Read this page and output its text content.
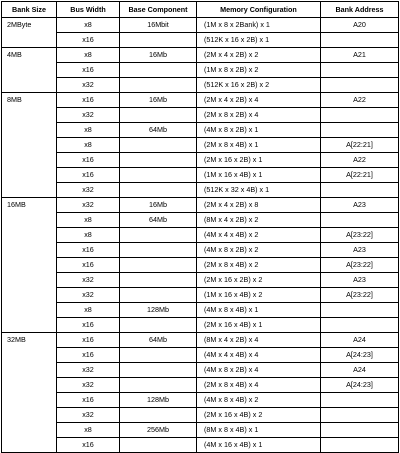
Bank Size	Bus Width	Base Component	Memory Configuration	Bank Address
2MByte	x8	16Mbit	(1M x 8 x 2Bank) x 1	A20
	x16		(512K x 16 x 2B) x 1	
4MB	x8	16Mb	(2M x 4 x 2B) x 2	A21
	x16		(1M x 8 x 2B) x 2	
	x32		(512K x 16 x 2B) x 2	
8MB	x16	16Mb	(2M x 4 x 2B) x 4	A22
	x32		(2M x 8 x 2B) x 4	
	x8	64Mb	(4M x 8 x 2B) x 1	
	x8		(2M x 8 x 4B) x 1	A[22:21]
	x16		(2M x 16 x 2B) x 1	A22
	x16		(1M x 16 x 4B) x 1	A[22:21]
	x32		(512K x 32 x 4B) x 1	
16MB	x32	16Mb	(2M x 4 x 2B) x 8	A23
	x8	64Mb	(8M x 4 x 2B) x 2	
	x8		(4M x 4 x 4B) x 2	A[23:22]
	x16		(4M x 8 x 2B) x 2	A23
	x16		(2M x 8 x 4B) x 2	A[23:22]
	x32		(2M x 16 x 2B) x 2	A23
	x32		(1M x 16 x 4B) x 2	A[23:22]
	x8	128Mb	(4M x 8 x 4B) x 1	
	x16		(2M x 16 x 4B) x 1	
32MB	x16	64Mb	(8M x 4 x 2B) x 4	A24
	x16		(4M x 4 x 4B) x 4	A[24:23]
	x32		(4M x 8 x 2B) x 4	A24
	x32		(2M x 8 x 4B) x 4	A[24:23]
	x16	128Mb	(4M x 8 x 4B) x 2	
	x32		(2M x 16 x 4B) x 2	
	x8	256Mb	(8M x 8 x 4B) x 1	
	x16		(4M x 16 x 4B) x 1	
